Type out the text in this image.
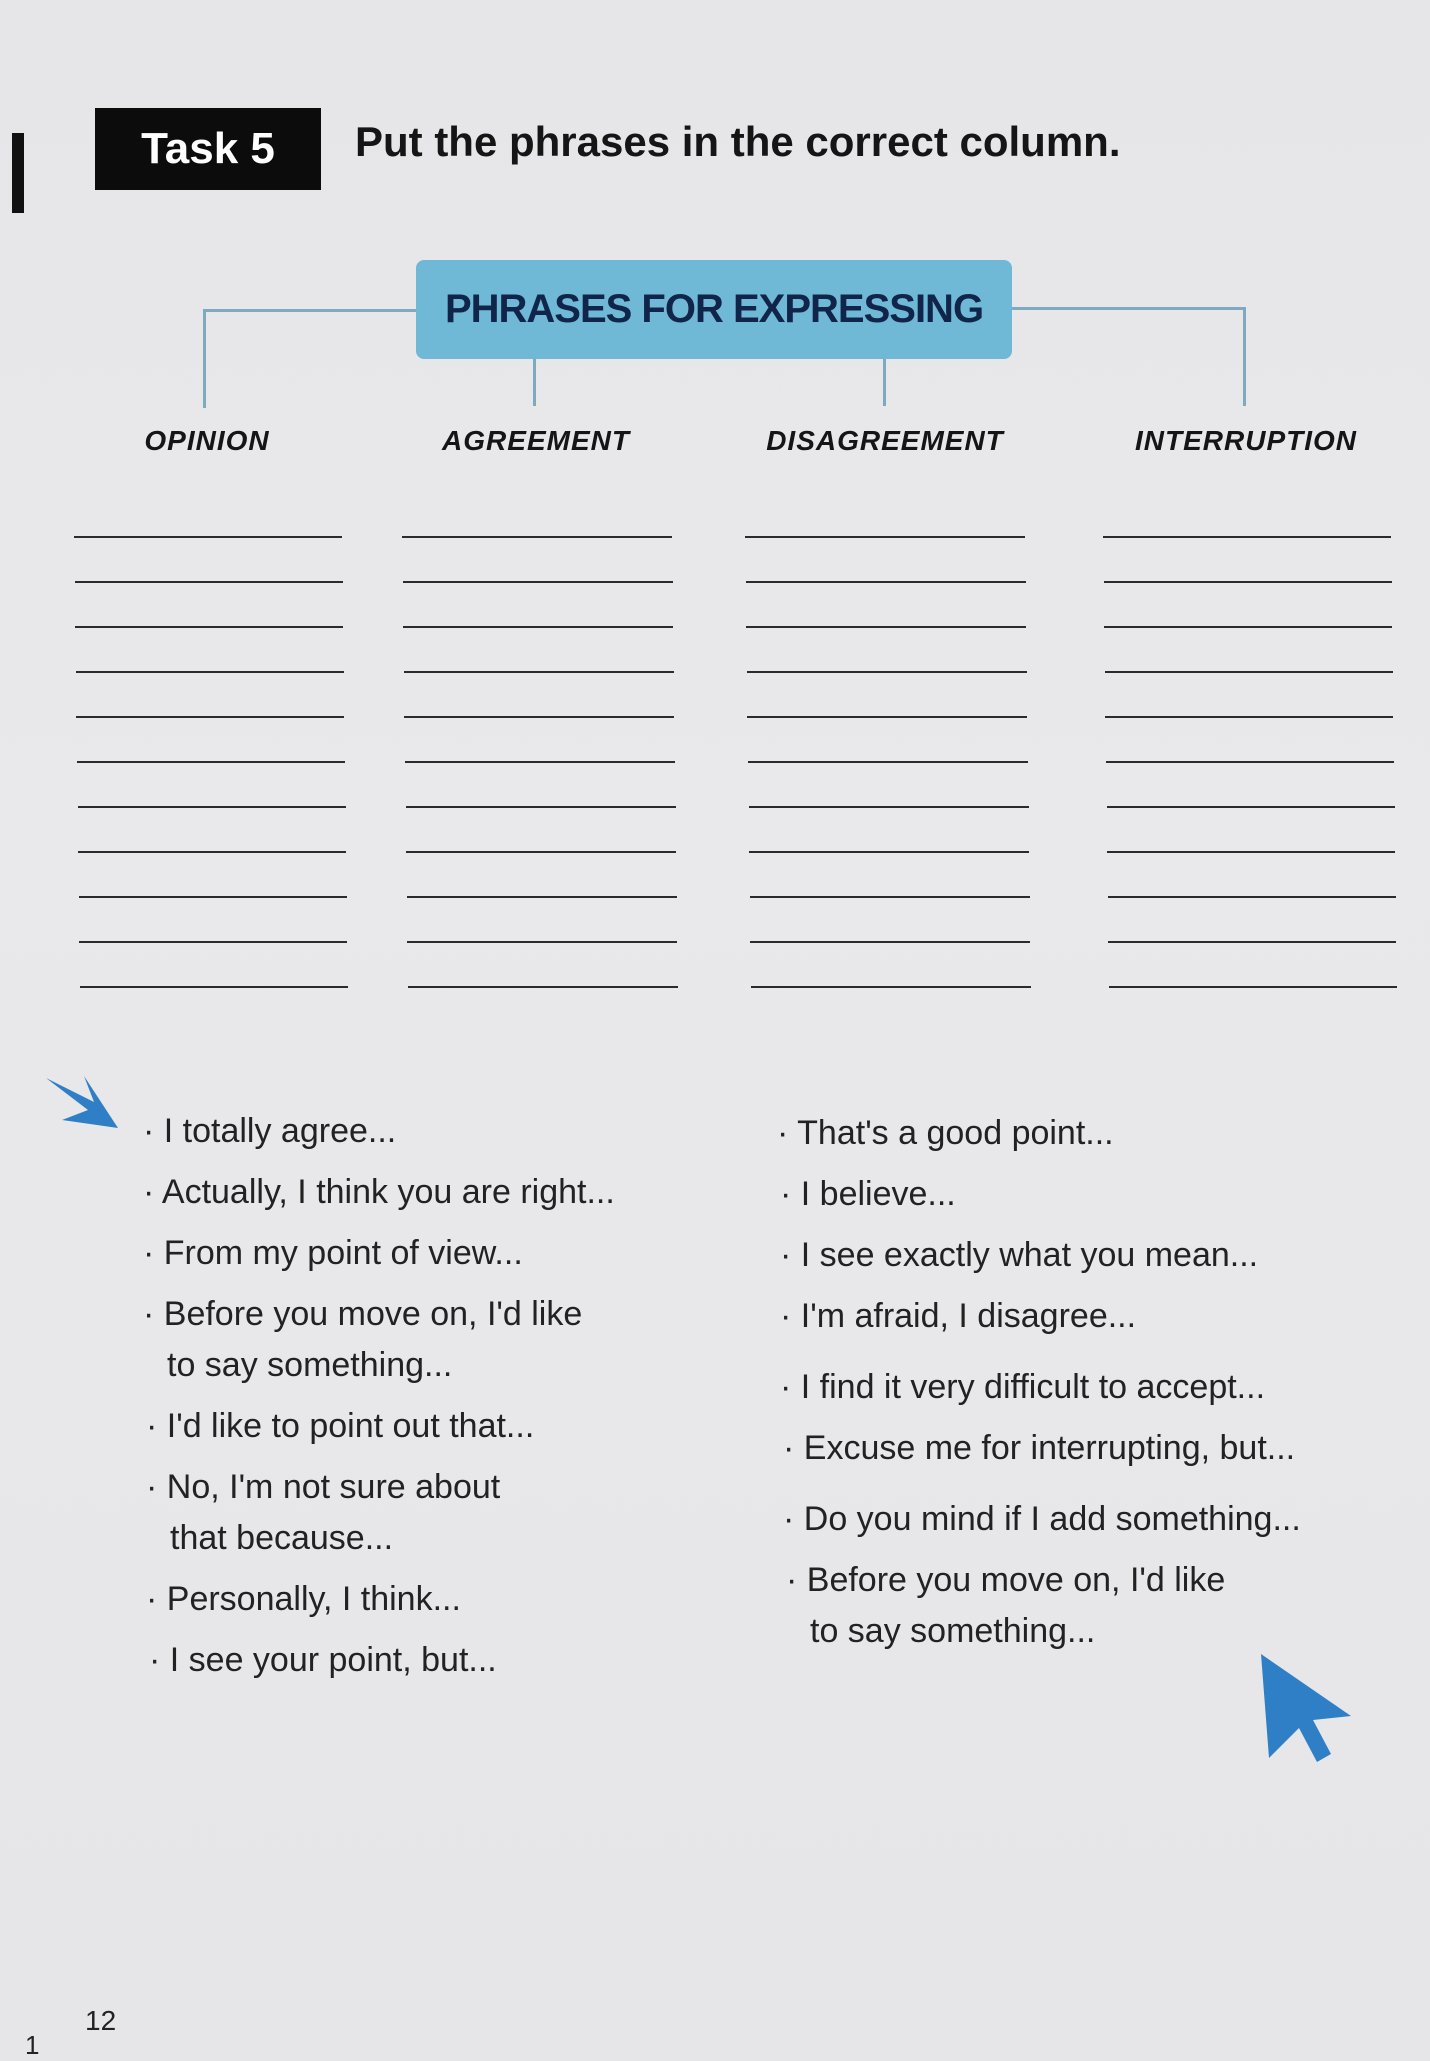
Task 5	Put the phrases in the correct column.
PHRASES FOR EXPRESSING
OPINION	AGREEMENT	DISAGREEMENT	INTERRUPTION
· I totally agree...
· Actually, I think you are right...
· From my point of view...
· Before you move on, I'd like
to say something...
· I'd like to point out that...
· No, I'm not sure about
that because...
· Personally, I think...
· I see your point, but...
· That's a good point...
· I believe...
· I see exactly what you mean...
· I'm afraid, I disagree...
· I find it very difficult to accept...
· Excuse me for interrupting, but...
· Do you mind if I add something...
· Before you move on, I'd like
to say something...
12
1
